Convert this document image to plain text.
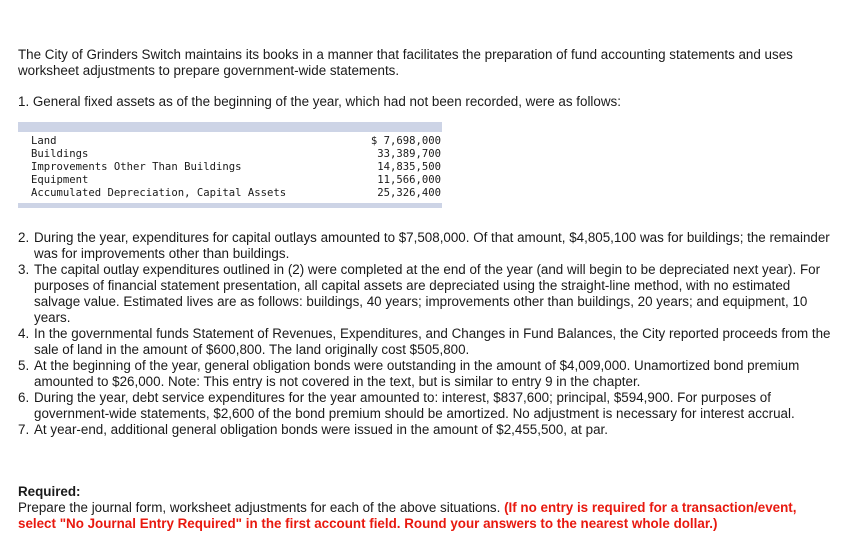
The City of Grinders Switch maintains its books in a manner that facilitates the preparation of fund accounting statements and uses worksheet adjustments to prepare government-wide statements.

1. General fixed assets as of the beginning of the year, which had not been recorded, were as follows:

Land	$ 7,698,000
Buildings	33,389,700
Improvements Other Than Buildings	14,835,500
Equipment	11,566,000
Accumulated Depreciation, Capital Assets	25,326,400
2. During the year, expenditures for capital outlays amounted to $7,508,000. Of that amount, $4,805,100 was for buildings; the remainder was for improvements other than buildings.
3. The capital outlay expenditures outlined in (2) were completed at the end of the year (and will begin to be depreciated next year). For purposes of financial statement presentation, all capital assets are depreciated using the straight-line method, with no estimated salvage value. Estimated lives are as follows: buildings, 40 years; improvements other than buildings, 20 years; and equipment, 10 years.
4. In the governmental funds Statement of Revenues, Expenditures, and Changes in Fund Balances, the City reported proceeds from the sale of land in the amount of $600,800. The land originally cost $505,800.
5. At the beginning of the year, general obligation bonds were outstanding in the amount of $4,009,000. Unamortized bond premium amounted to $26,000. Note: This entry is not covered in the text, but is similar to entry 9 in the chapter.
6. During the year, debt service expenditures for the year amounted to: interest, $837,600; principal, $594,900. For purposes of government-wide statements, $2,600 of the bond premium should be amortized. No adjustment is necessary for interest accrual.
7. At year-end, additional general obligation bonds were issued in the amount of $2,455,500, at par.
Required:
Prepare the journal form, worksheet adjustments for each of the above situations. (If no entry is required for a transaction/event, select "No Journal Entry Required" in the first account field. Round your answers to the nearest whole dollar.)
